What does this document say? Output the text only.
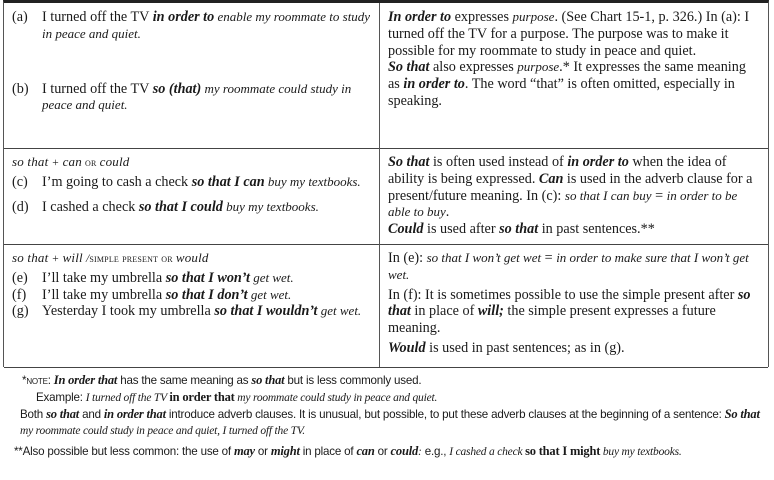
(a) I turned off the TV in order to enable my roommate to study in peace and quiet.
(b) I turned off the TV so (that) my roommate could study in peace and quiet.
In order to expresses purpose. (See Chart 15-1, p. 326.) In (a): I turned off the TV for a purpose. The purpose was to make it possible for my roommate to study in peace and quiet.
So that also expresses purpose.* It expresses the same meaning as in order to. The word “that” is often omitted, especially in speaking.
so that + can or could
(c) I’m going to cash a check so that I can buy my textbooks.
(d) I cashed a check so that I could buy my textbooks.
So that is often used instead of in order to when the idea of ability is being expressed. Can is used in the adverb clause for a present/future meaning. In (c): so that I can buy = in order to be able to buy.
Could is used after so that in past sentences.**
so that + will /simple present or would
(e) I’ll take my umbrella so that I won’t get wet.
(f) I’ll take my umbrella so that I don’t get wet.
(g) Yesterday I took my umbrella so that I wouldn’t get wet.
In (e): so that I won’t get wet = in order to make sure that I won’t get wet.
In (f): It is sometimes possible to use the simple present after so that in place of will; the simple present expresses a future meaning.
Would is used in past sentences; as in (g).
*note: In order that has the same meaning as so that but is less commonly used.
Example: I turned off the TV in order that my roommate could study in peace and quiet.
Both so that and in order that introduce adverb clauses. It is unusual, but possible, to put these adverb clauses at the beginning of a sentence: So that my roommate could study in peace and quiet, I turned off the TV.
**Also possible but less common: the use of may or might in place of can or could: e.g., I cashed a check so that I might buy my textbooks.
